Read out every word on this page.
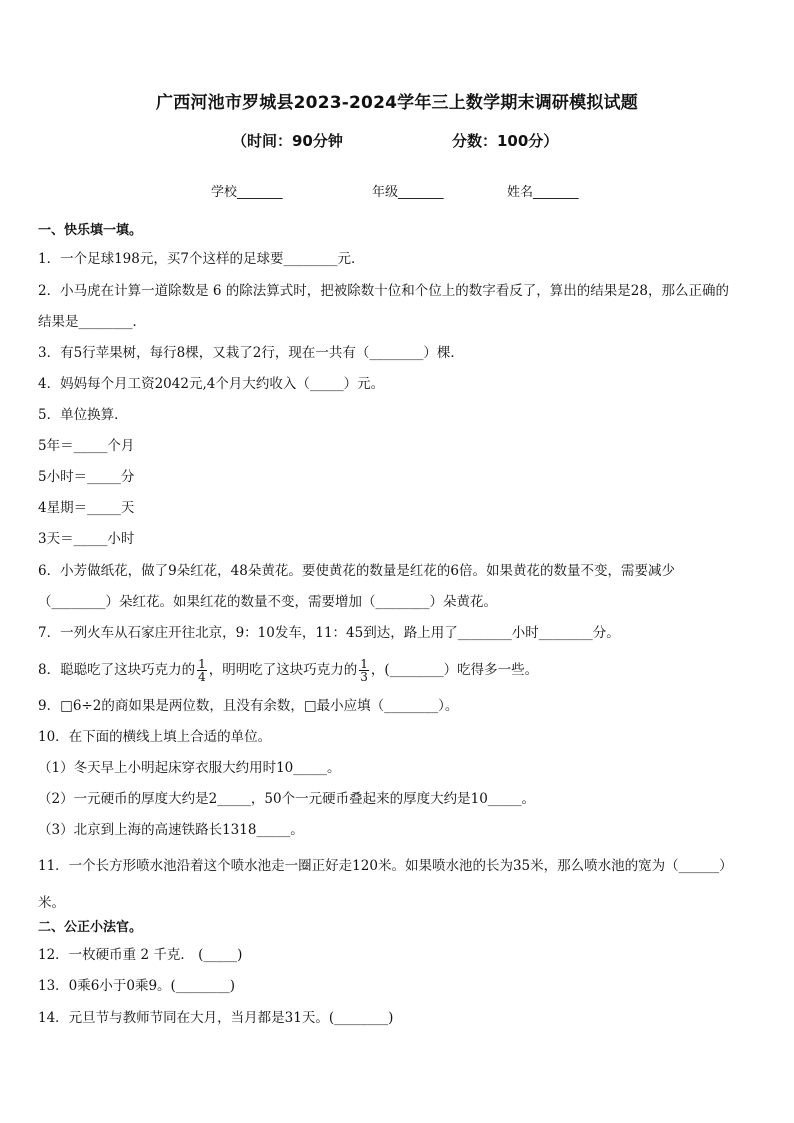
广西河池市罗城县2023-2024学年三上数学期末调研模拟试题
（时间：90分钟	分数：100分）
学校_______	年级_______	姓名_______
一、快乐填一填。
1．一个足球198元，买7个这样的足球要________元．
2．小马虎在计算一道除数是 6 的除法算式时，把被除数十位和个位上的数字看反了，算出的结果是28，那么正确的
结果是________．
3．有5行苹果树，每行8棵，又栽了2行，现在一共有（________）棵．
4．妈妈每个月工资2042元,4个月大约收入（_____）元。
5．单位换算．
5年＝_____个月
5小时＝_____分
4星期＝_____天
3天＝_____小时
6．小芳做纸花，做了9朵红花，48朵黄花。要使黄花的数量是红花的6倍。如果黄花的数量不变，需要减少
（________）朵红花。如果红花的数量不变，需要增加（________）朵黄花。
7．一列火车从石家庄开往北京，9：10发车，11：45到达，路上用了________小时________分。
8．聪聪吃了这块巧克力的 $\frac{1}{4}$ ，明明吃了这块巧克力的 $\frac{1}{3}$ ，(________）吃得多一些。
9．□6÷2的商如果是两位数，且没有余数，□最小应填（________）。
10．在下面的横线上填上合适的单位。
（1）冬天早上小明起床穿衣服大约用时10_____。
（2）一元硬币的厚度大约是2_____，50个一元硬币叠起来的厚度大约是10_____。
（3）北京到上海的高速铁路长1318_____。
11．一个长方形喷水池沿着这个喷水池走一圈正好走120米。如果喷水池的长为35米，那么喷水池的宽为（______）
米。
二、公正小法官。
12．一枚硬币重 2 千克． (_____)
13．0乘6小于0乘9。(________)
14．元旦节与教师节同在大月，当月都是31天。(________)
